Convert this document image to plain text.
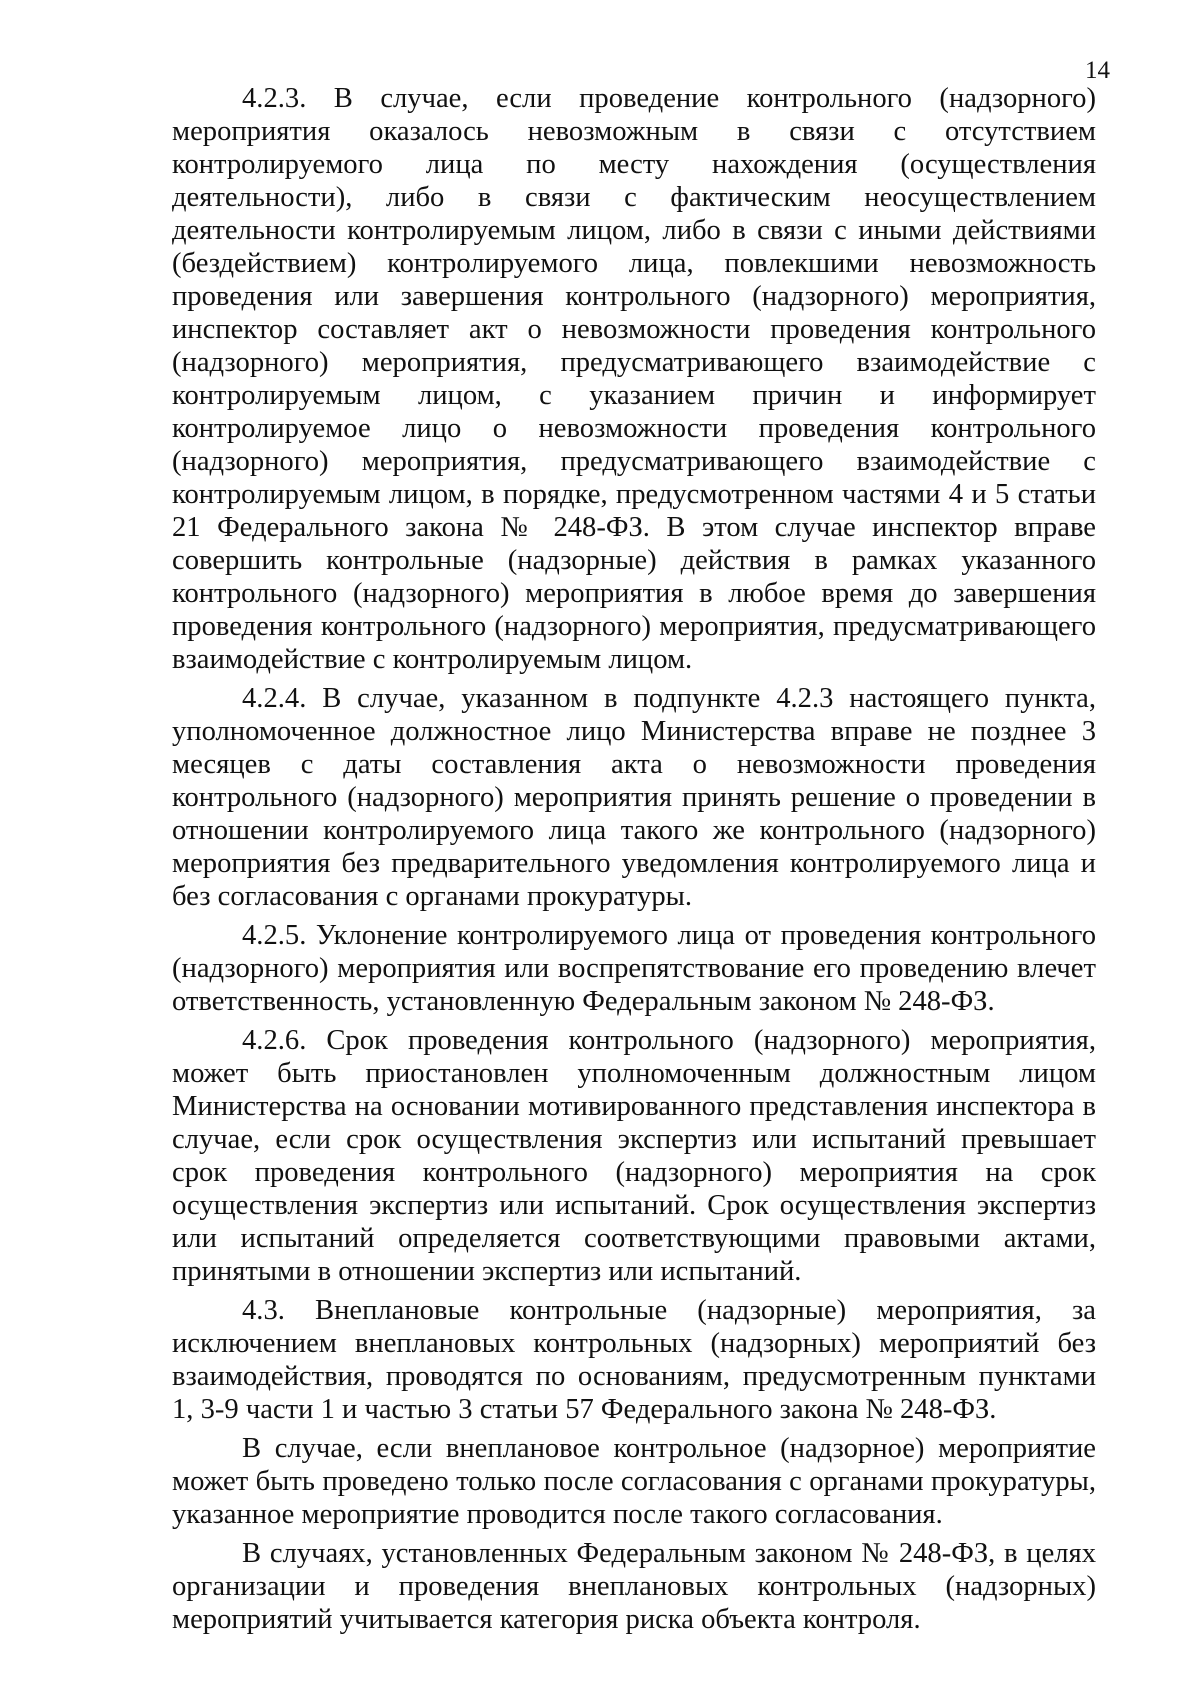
14

4.2.3. В случае, если проведение контрольного (надзорного) мероприятия оказалось невозможным в связи с отсутствием контролируемого лица по месту нахождения (осуществления деятельности), либо в связи с фактическим неосуществлением деятельности контролируемым лицом, либо в связи с иными действиями (бездействием) контролируемого лица, повлекшими невозможность проведения или завершения контрольного (надзорного) мероприятия, инспектор составляет акт о невозможности проведения контрольного (надзорного) мероприятия, предусматривающего взаимодействие с контролируемым лицом, с указанием причин и информирует контролируемое лицо о невозможности проведения контрольного (надзорного) мероприятия, предусматривающего взаимодействие с контролируемым лицом, в порядке, предусмотренном частями 4 и 5 статьи 21 Федерального закона № 248-ФЗ. В этом случае инспектор вправе совершить контрольные (надзорные) действия в рамках указанного контрольного (надзорного) мероприятия в любое время до завершения проведения контрольного (надзорного) мероприятия, предусматривающего взаимодействие с контролируемым лицом.

4.2.4. В случае, указанном в подпункте 4.2.3 настоящего пункта, уполномоченное должностное лицо Министерства вправе не позднее 3 месяцев с даты составления акта о невозможности проведения контрольного (надзорного) мероприятия принять решение о проведении в отношении контролируемого лица такого же контрольного (надзорного) мероприятия без предварительного уведомления контролируемого лица и без согласования с органами прокуратуры.

4.2.5. Уклонение контролируемого лица от проведения контрольного (надзорного) мероприятия или воспрепятствование его проведению влечет ответственность, установленную Федеральным законом № 248-ФЗ.

4.2.6. Срок проведения контрольного (надзорного) мероприятия, может быть приостановлен уполномоченным должностным лицом Министерства на основании мотивированного представления инспектора в случае, если срок осуществления экспертиз или испытаний превышает срок проведения контрольного (надзорного) мероприятия на срок осуществления экспертиз или испытаний. Срок осуществления экспертиз или испытаний определяется соответствующими правовыми актами, принятыми в отношении экспертиз или испытаний.

4.3. Внеплановые контрольные (надзорные) мероприятия, за исключением внеплановых контрольных (надзорных) мероприятий без взаимодействия, проводятся по основаниям, предусмотренным пунктами 1, 3-9 части 1 и частью 3 статьи 57 Федерального закона № 248-ФЗ.

В случае, если внеплановое контрольное (надзорное) мероприятие может быть проведено только после согласования с органами прокуратуры, указанное мероприятие проводится после такого согласования.

В случаях, установленных Федеральным законом № 248-ФЗ, в целях организации и проведения внеплановых контрольных (надзорных) мероприятий учитывается категория риска объекта контроля.
